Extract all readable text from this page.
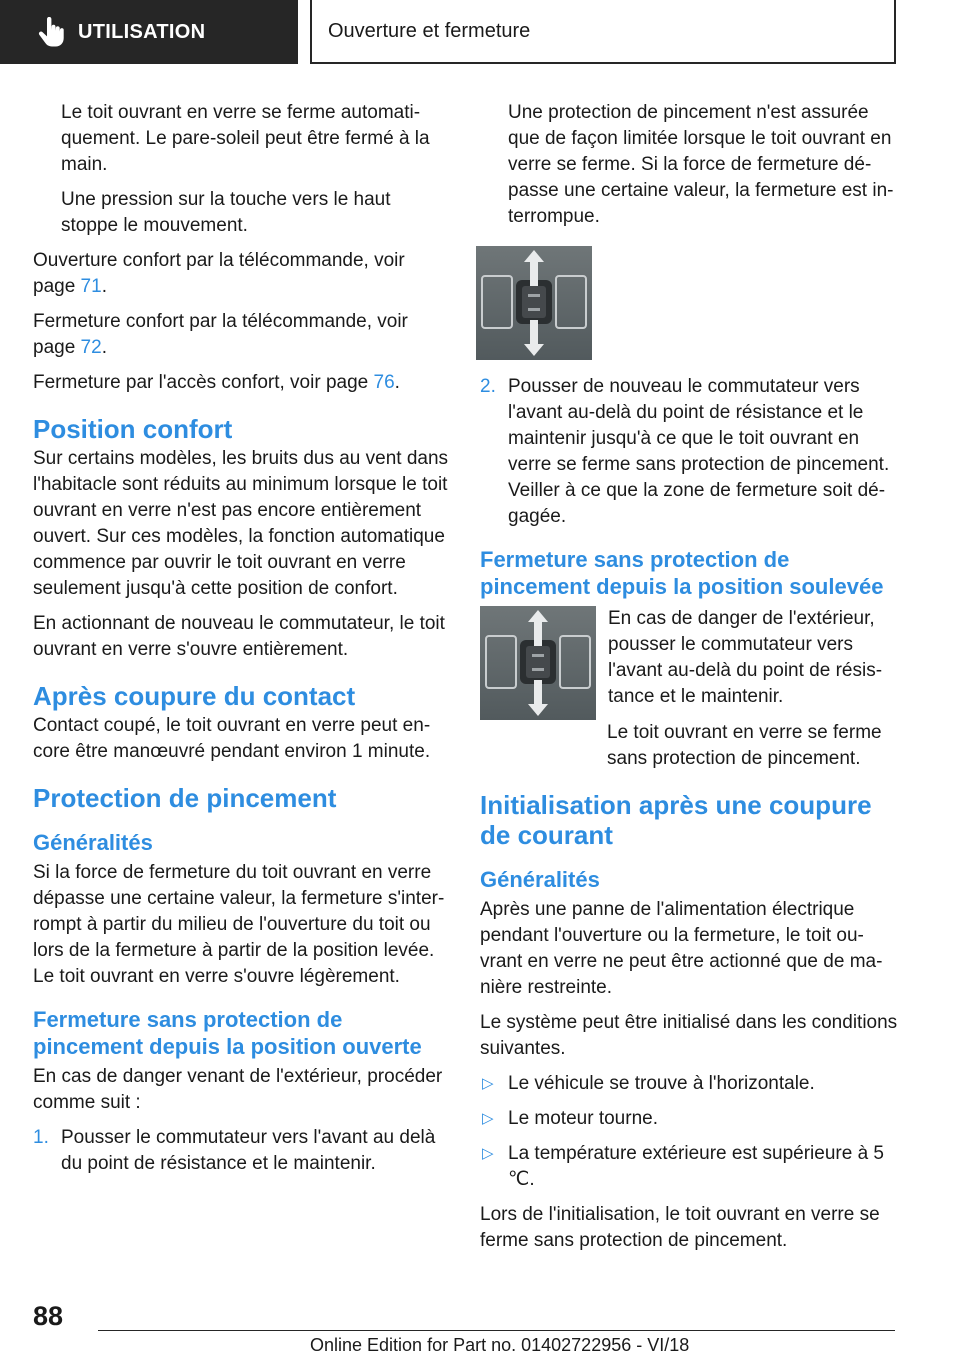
UTILISATION	Ouverture et fermeture

Le toit ouvrant en verre se ferme automatiquement. Le pare-soleil peut être fermé à la main.

Une pression sur la touche vers le haut stoppe le mouvement.

Ouverture confort par la télécommande, voir page 71.

Fermeture confort par la télécommande, voir page 72.

Fermeture par l'accès confort, voir page 76.

Position confort

Sur certains modèles, les bruits dus au vent dans l'habitacle sont réduits au minimum lorsque le toit ouvrant en verre n'est pas encore entièrement ouvert. Sur ces modèles, la fonction automatique commence par ouvrir le toit ouvrant en verre seulement jusqu'à cette position de confort.

En actionnant de nouveau le commutateur, le toit ouvrant en verre s'ouvre entièrement.

Après coupure du contact

Contact coupé, le toit ouvrant en verre peut encore être manœuvré pendant environ 1 minute.

Protection de pincement
Généralités

Si la force de fermeture du toit ouvrant en verre dépasse une certaine valeur, la fermeture s'interrompt à partir du milieu de l'ouverture du toit ou lors de la fermeture à partir de la position levée. Le toit ouvrant en verre s'ouvre légèrement.

Fermeture sans protection de pincement depuis la position ouverte

En cas de danger venant de l'extérieur, procéder comme suit :

1. Pousser le commutateur vers l'avant au delà du point de résistance et le maintenir.

Une protection de pincement n'est assurée que de façon limitée lorsque le toit ouvrant en verre se ferme. Si la force de fermeture dépasse une certaine valeur, la fermeture est interrompue.

2. Pousser de nouveau le commutateur vers l'avant au-delà du point de résistance et le maintenir jusqu'à ce que le toit ouvrant en verre se ferme sans protection de pincement. Veiller à ce que la zone de fermeture soit dégagée.
Fermeture sans protection de pincement depuis la position soulevée

En cas de danger de l'extérieur, pousser le commutateur vers l'avant au-delà du point de résistance et le maintenir.

Le toit ouvrant en verre se ferme sans protection de pincement.

Initialisation après une coupure de courant
Généralités

Après une panne de l'alimentation électrique pendant l'ouverture ou la fermeture, le toit ouvrant en verre ne peut être actionné que de manière restreinte.

Le système peut être initialisé dans les conditions suivantes.

▷ Le véhicule se trouve à l'horizontale.
▷ Le moteur tourne.
▷ La température extérieure est supérieure à 5 ℃.

Lors de l'initialisation, le toit ouvrant en verre se ferme sans protection de pincement.

88
Online Edition for Part no. 01402722956 - VI/18
